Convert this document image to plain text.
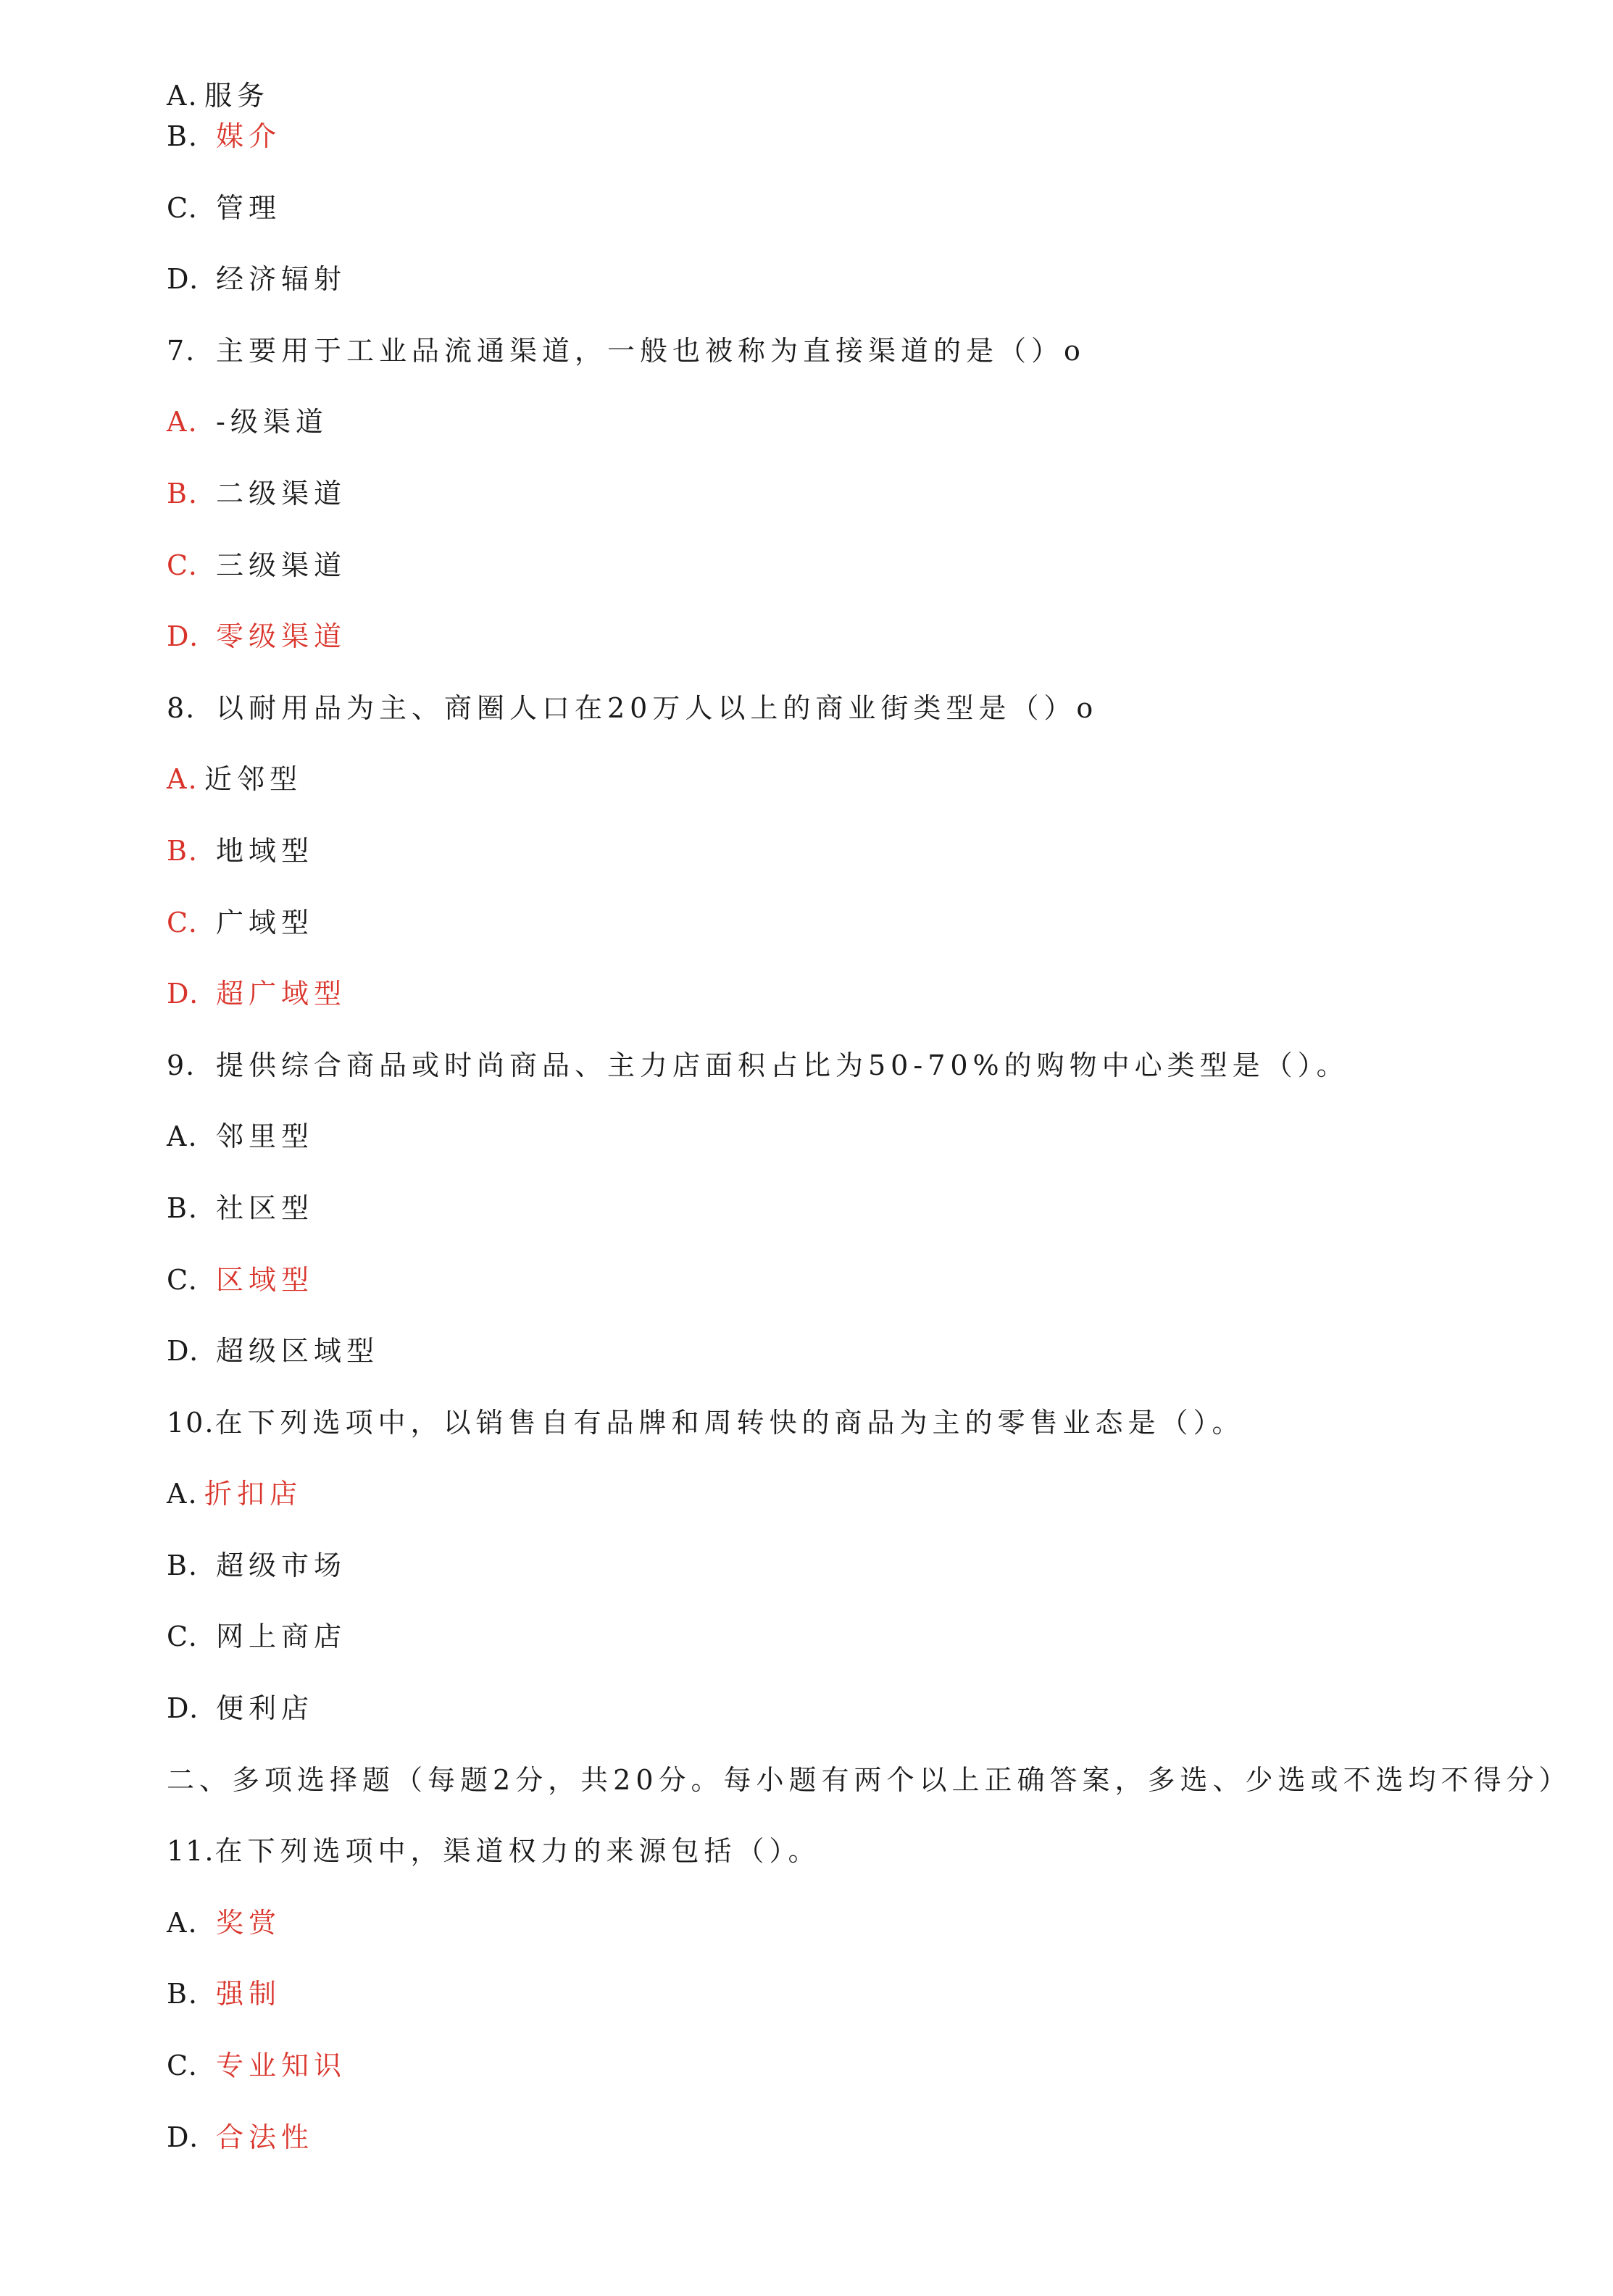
A. 服务
B. 媒介
C. 管理
D. 经济辐射
7. 主要用于工业品流通渠道，一般也被称为直接渠道的是（）o
A. -级渠道
B. 二级渠道
C. 三级渠道
D. 零级渠道
8. 以耐用品为主、商圈人口在20万人以上的商业街类型是（）o
A. 近邻型
B. 地域型
C. 广域型
D. 超广域型
9. 提供综合商品或时尚商品、主力店面积占比为50-70%的购物中心类型是（）。
A. 邻里型
B. 社区型
C. 区域型
D. 超级区域型
10.在下列选项中，以销售自有品牌和周转快的商品为主的零售业态是（）。
A. 折扣店
B. 超级市场
C. 网上商店
D. 便利店
二、多项选择题（每题2分，共20分。每小题有两个以上正确答案，多选、少选或不选均不得分）
11.在下列选项中，渠道权力的来源包括（）。
A. 奖赏
B. 强制
C. 专业知识
D. 合法性
